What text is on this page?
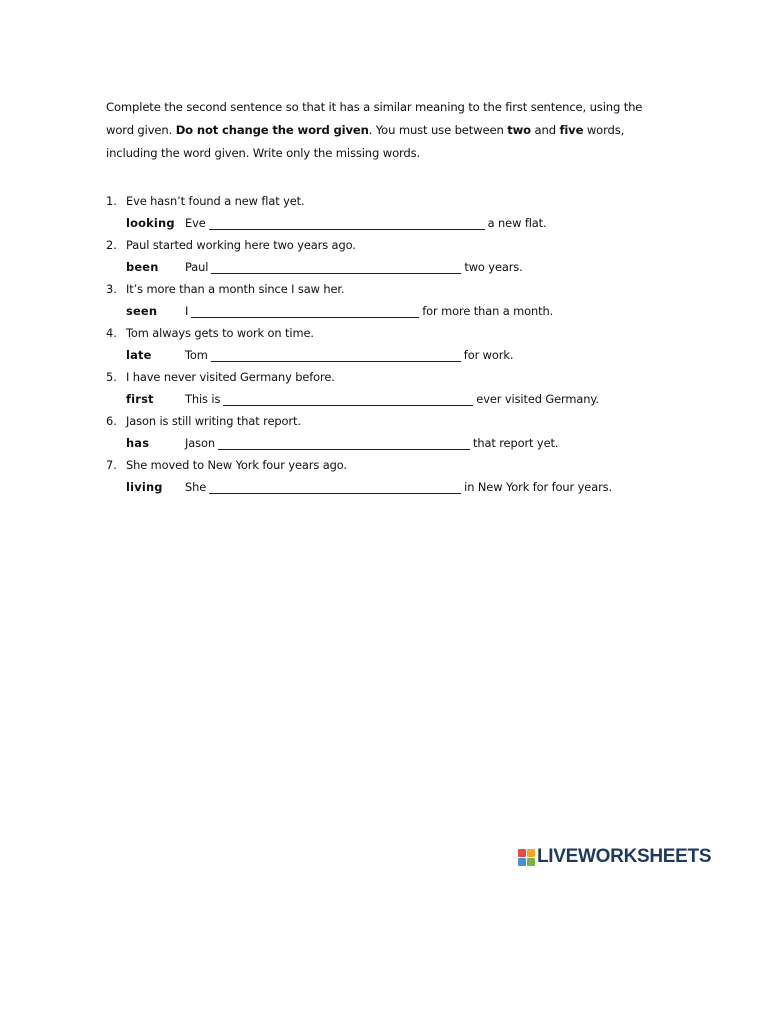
Complete the second sentence so that it has a similar meaning to the first sentence, using the word given. Do not change the word given. You must use between two and five words, including the word given. Write only the missing words.
1. Eve hasn’t found a new flat yet.
looking Eve	a new flat.
2. Paul started working here two years ago.
been Paul	two years.
3. It’s more than a month since I saw her.
seen I	for more than a month.
4. Tom always gets to work on time.
late	Tom	for work.
5. I have never visited Germany before.
first	This is	ever visited Germany.
6. Jason is still writing that report.
has	Jason	that report yet.
7. She moved to New York four years ago.
living She	in New York for four years.
LIVEWORKSHEETS
